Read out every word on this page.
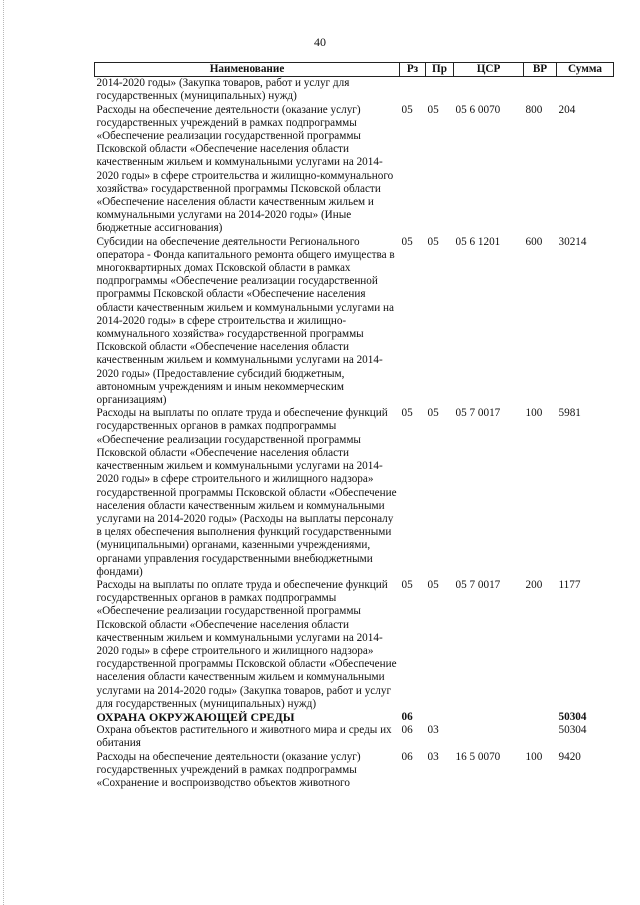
40
Наименование	Рз	Пр	ЦСР	ВР	Сумма
2014-2020 годы» (Закупка товаров, работ и услуг для государственных (муниципальных) нужд)					
Расходы на обеспечение деятельности (оказание услуг) государственных учреждений в рамках подпрограммы «Обеспечение реализации государственной программы Псковской области «Обеспечение населения области качественным жильем и коммунальными услугами на 2014-2020 годы» в сфере строительства и жилищно-коммунального хозяйства» государственной программы Псковской области «Обеспечение населения области качественным жильем и коммунальными услугами на 2014-2020 годы» (Иные бюджетные ассигнования)	05	05	05 6 0070	800	204
Субсидии на обеспечение деятельности Регионального оператора - Фонда капитального ремонта общего имущества в многоквартирных домах Псковской области в рамках подпрограммы «Обеспечение реализации государственной программы Псковской области «Обеспечение населения области качественным жильем и коммунальными услугами на 2014-2020 годы» в сфере строительства и жилищно-коммунального хозяйства» государственной программы Псковской области «Обеспечение населения области качественным жильем и коммунальными услугами на 2014-2020 годы» (Предоставление субсидий бюджетным, автономным учреждениям и иным некоммерческим организациям)	05	05	05 6 1201	600	30214
Расходы на выплаты по оплате труда и обеспечение функций государственных органов в рамках подпрограммы «Обеспечение реализации государственной программы Псковской области «Обеспечение населения области качественным жильем и коммунальными услугами на 2014-2020 годы» в сфере строительного и жилищного надзора» государственной программы Псковской области «Обеспечение населения области качественным жильем и коммунальными услугами на 2014-2020 годы» (Расходы на выплаты персоналу в целях обеспечения выполнения функций государственными (муниципальными) органами, казенными учреждениями, органами управления государственными внебюджетными фондами)	05	05	05 7 0017	100	5981
Расходы на выплаты по оплате труда и обеспечение функций государственных органов в рамках подпрограммы «Обеспечение реализации государственной программы Псковской области «Обеспечение населения области качественным жильем и коммунальными услугами на 2014-2020 годы» в сфере строительного и жилищного надзора» государственной программы Псковской области «Обеспечение населения области качественным жильем и коммунальными услугами на 2014-2020 годы» (Закупка товаров, работ и услуг для государственных (муниципальных) нужд)	05	05	05 7 0017	200	1177
ОХРАНА ОКРУЖАЮЩЕЙ СРЕДЫ	06				50304
Охрана объектов растительного и животного мира и среды их обитания	06	03			50304
Расходы на обеспечение деятельности (оказание услуг) государственных учреждений в рамках подпрограммы «Сохранение и воспроизводство объектов животного	06	03	16 5 0070	100	9420
